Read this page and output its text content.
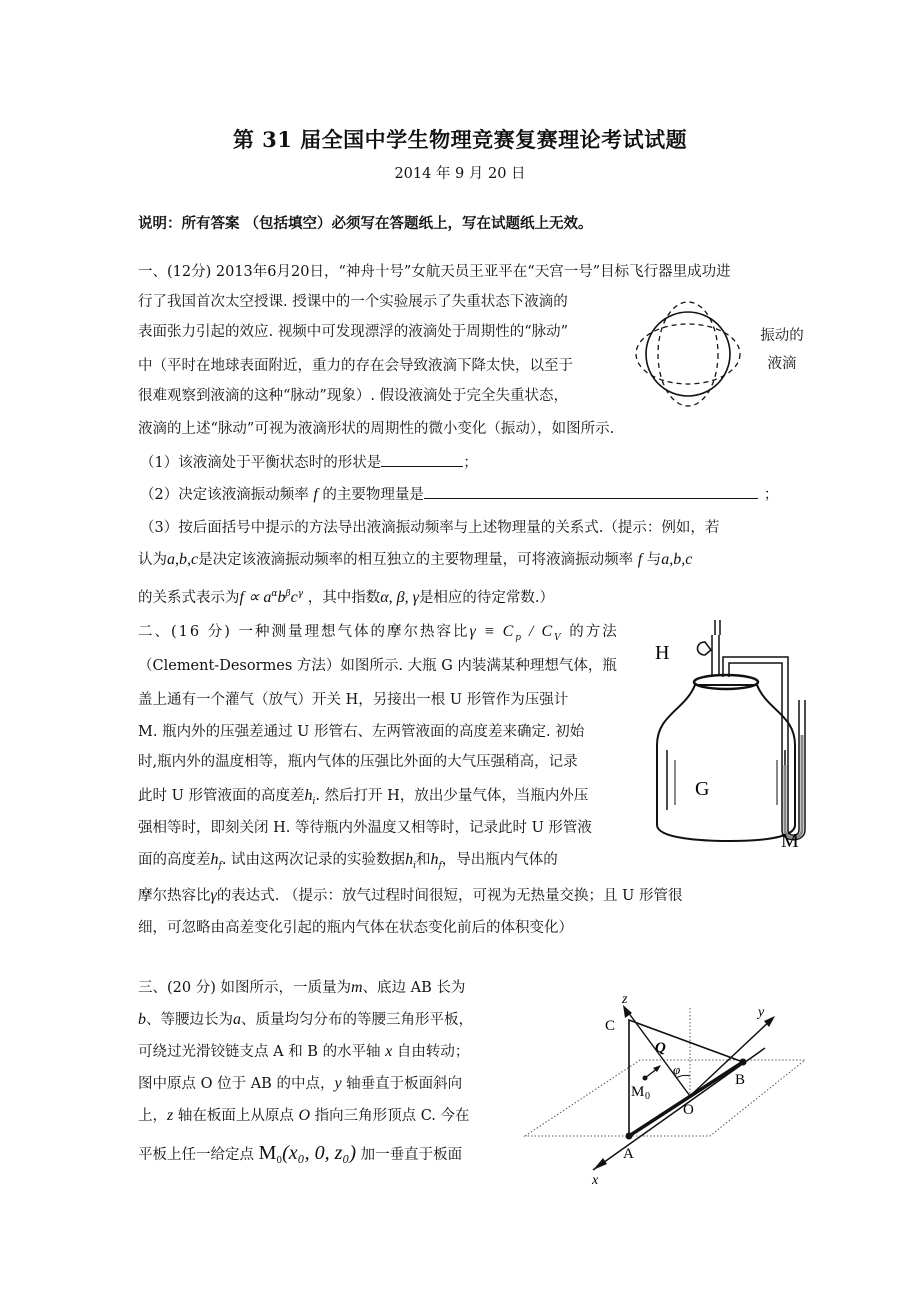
第 31 届全国中学生物理竞赛复赛理论考试试题
2014 年 9 月 20 日
说明：所有答案 （包括填空）必须写在答题纸上，写在试题纸上无效。
一、(12分) 2013年6月20日，“神舟十号”女航天员王亚平在“天宫一号”目标飞行器里成功进
行了我国首次太空授课. 授课中的一个实验展示了失重状态下液滴的
表面张力引起的效应. 视频中可发现漂浮的液滴处于周期性的“脉动”
中（平时在地球表面附近，重力的存在会导致液滴下降太快，以至于
很难观察到液滴的这种“脉动”现象）. 假设液滴处于完全失重状态，
液滴的上述“脉动”可视为液滴形状的周期性的微小变化（振动），如图所示.
振动的
液滴
（1）该液滴处于平衡状态时的形状是	；
（2）决定该液滴振动频率 f 的主要物理量是	；
（3）按后面括号中提示的方法导出液滴振动频率与上述物理量的关系式.（提示：例如，若
认为a,b,c是决定该液滴振动频率的相互独立的主要物理量，可将液滴振动频率 f 与a,b,c
的关系式表示为$f \propto a^\alpha b^\beta c^\gamma$ ，其中指数α, β, γ是相应的待定常数.）
二、(16 分) 一种测量理想气体的摩尔热容比$\gamma \equiv C_p / C_V$ 的方法
（Clement-Desormes 方法）如图所示. 大瓶 G 内装满某种理想气体，瓶
盖上通有一个灌气（放气）开关 H，另接出一根 U 形管作为压强计
M. 瓶内外的压强差通过 U 形管右、左两管液面的高度差来确定. 初始
时,瓶内外的温度相等，瓶内气体的压强比外面的大气压强稍高，记录
此时 U 形管液面的高度差$h_i$. 然后打开 H，放出少量气体，当瓶内外压
强相等时，即刻关闭 H. 等待瓶内外温度又相等时，记录此时 U 形管液
面的高度差$h_f$. 试由这两次记录的实验数据$h_i$和$h_f$，导出瓶内气体的
摩尔热容比γ的表达式. （提示：放气过程时间很短，可视为无热量交换；且 U 形管很
细，可忽略由高差变化引起的瓶内气体在状态变化前后的体积变化）
H
G
M
三、(20 分) 如图所示，一质量为m、底边 AB 长为
b、等腰边长为a、质量均匀分布的等腰三角形平板，
可绕过光滑铰链支点 A 和 B 的水平轴 x 自由转动；
图中原点 O 位于 AB 的中点，y 轴垂直于板面斜向
上，z 轴在板面上从原点 O 指向三角形顶点 C. 今在
平板上任一给定点 $M_0(x_0$, 0, z₀) 加一垂直于板面
z
y
x
C
Q
φ
M 0
O
A
B
